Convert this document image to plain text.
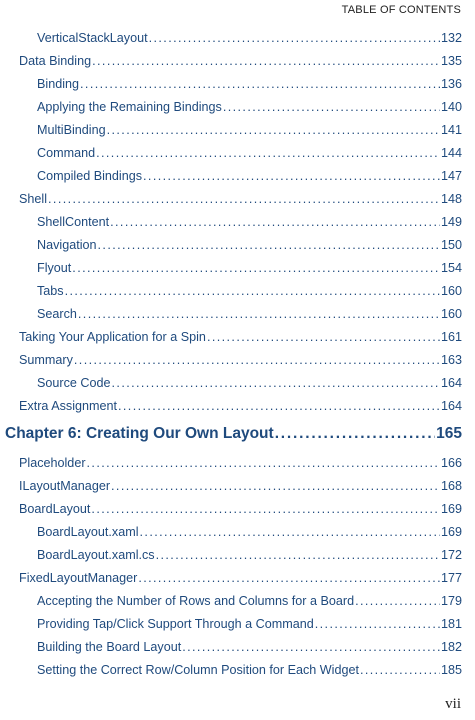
TABLE OF CONTENTS
VerticalStackLayout .....	132
Data Binding .....	135
Binding .....	136
Applying the Remaining Bindings .....	140
MultiBinding .....	141
Command .....	144
Compiled Bindings .....	147
Shell .....	148
ShellContent .....	149
Navigation .....	150
Flyout .....	154
Tabs .....	160
Search .....	160
Taking Your Application for a Spin .....	161
Summary .....	163
Source Code .....	164
Extra Assignment .....	164
Chapter 6: Creating Our Own Layout .....	165
Placeholder .....	166
ILayoutManager .....	168
BoardLayout .....	169
BoardLayout.xaml .....	169
BoardLayout.xaml.cs .....	172
FixedLayoutManager .....	177
Accepting the Number of Rows and Columns for a Board .....	179
Providing Tap/Click Support Through a Command .....	181
Building the Board Layout .....	182
Setting the Correct Row/Column Position for Each Widget .....	185
vii
